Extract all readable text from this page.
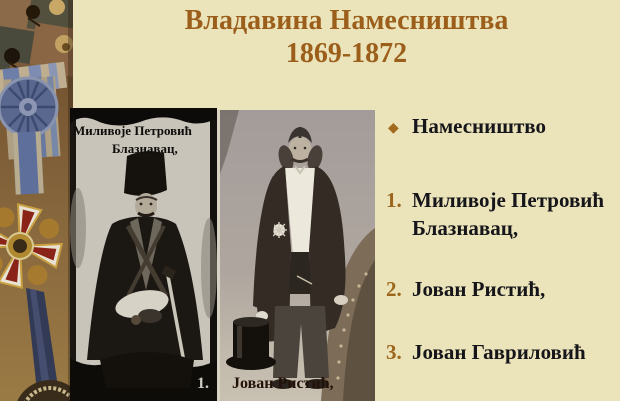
Владавина Намесништва
1869-1872
Миливоје Петровић
Блазнавац,
1. Јован Ристић,
◆ Намесништво
1. Миливоје Петровић Блазнавац,
2. Јован Ристић,
3. Јован Гавриловић
